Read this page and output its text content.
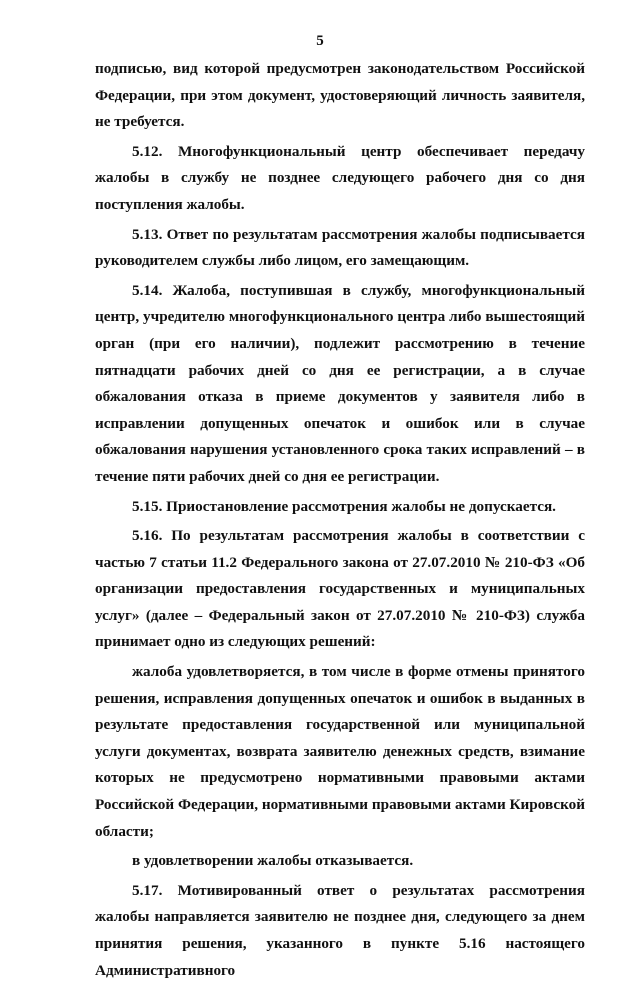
5

подписью, вид которой предусмотрен законодательством Российской Федерации, при этом документ, удостоверяющий личность заявителя, не требуется.

5.12. Многофункциональный центр обеспечивает передачу жалобы в службу не позднее следующего рабочего дня со дня поступления жалобы.

5.13. Ответ по результатам рассмотрения жалобы подписывается руководителем службы либо лицом, его замещающим.

5.14. Жалоба, поступившая в службу, многофункциональный центр, учредителю многофункционального центра либо вышестоящий орган (при его наличии), подлежит рассмотрению в течение пятнадцати рабочих дней со дня ее регистрации, а в случае обжалования отказа в приеме документов у заявителя либо в исправлении допущенных опечаток и ошибок или в случае обжалования нарушения установленного срока таких исправлений – в течение пяти рабочих дней со дня ее регистрации.

5.15. Приостановление рассмотрения жалобы не допускается.

5.16. По результатам рассмотрения жалобы в соответствии с частью 7 статьи 11.2 Федерального закона от 27.07.2010 № 210-ФЗ «Об организации предоставления государственных и муниципальных услуг» (далее – Федеральный закон от 27.07.2010 № 210-ФЗ) служба принимает одно из следующих решений:

жалоба удовлетворяется, в том числе в форме отмены принятого решения, исправления допущенных опечаток и ошибок в выданных в результате предоставления государственной или муниципальной услуги документах, возврата заявителю денежных средств, взимание которых не предусмотрено нормативными правовыми актами Российской Федерации, нормативными правовыми актами Кировской области;

в удовлетворении жалобы отказывается.

5.17. Мотивированный ответ о результатах рассмотрения жалобы направляется заявителю не позднее дня, следующего за днем принятия решения, указанного в пункте 5.16 настоящего Административного
